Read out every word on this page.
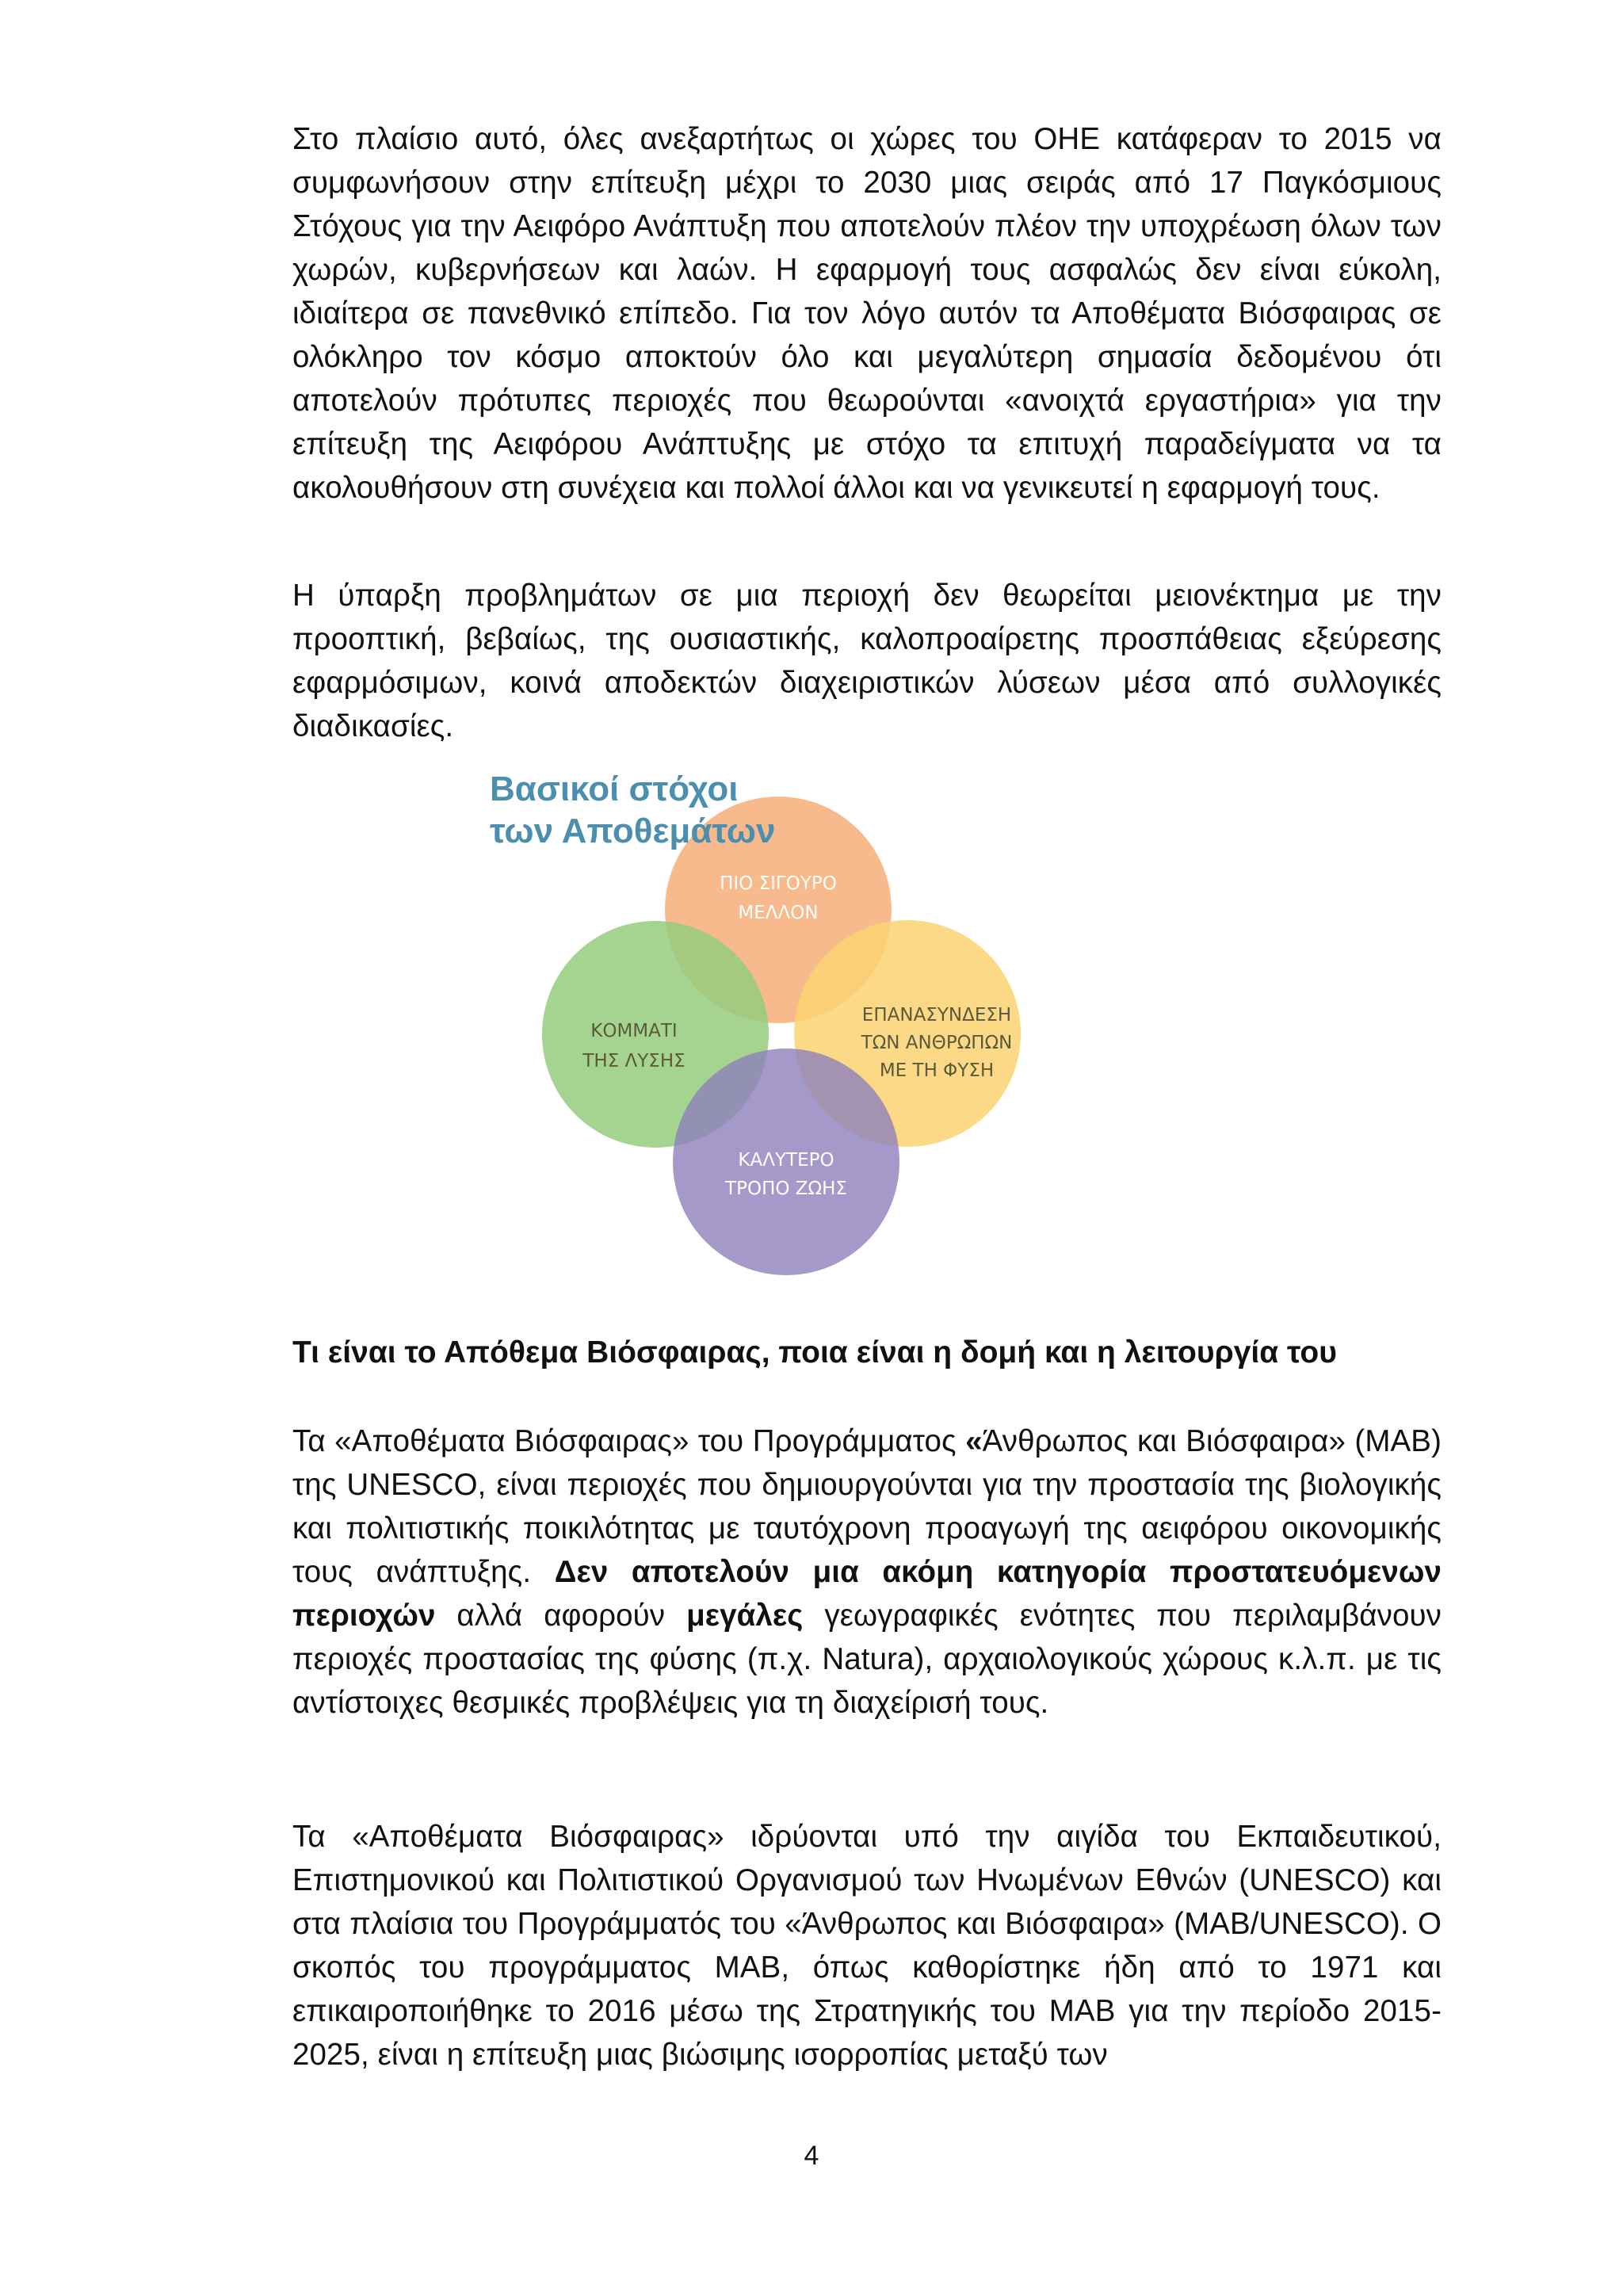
Στο πλαίσιο αυτό, όλες ανεξαρτήτως οι χώρες του ΟΗΕ κατάφεραν το 2015 να συμφωνήσουν στην επίτευξη μέχρι το 2030 μιας σειράς από 17 Παγκόσμιους Στόχους για την Αειφόρο Ανάπτυξη που αποτελούν πλέον την υποχρέωση όλων των χωρών, κυβερνήσεων και λαών. Η εφαρμογή τους ασφαλώς δεν είναι εύκολη, ιδιαίτερα σε πανεθνικό επίπεδο. Για τον λόγο αυτόν τα Αποθέματα Βιόσφαιρας σε ολόκληρο τον κόσμο αποκτούν όλο και μεγαλύτερη σημασία δεδομένου ότι αποτελούν πρότυπες περιοχές που θεωρούνται «ανοιχτά εργαστήρια» για την επίτευξη της Αειφόρου Ανάπτυξης με στόχο τα επιτυχή παραδείγματα να τα ακολουθήσουν στη συνέχεια και πολλοί άλλοι και να γενικευτεί η εφαρμογή τους.

Η ύπαρξη προβλημάτων σε μια περιοχή δεν θεωρείται μειονέκτημα με την προοπτική, βεβαίως, της ουσιαστικής, καλοπροαίρετης προσπάθειας εξεύρεσης εφαρμόσιμων, κοινά αποδεκτών διαχειριστικών λύσεων μέσα από συλλογικές διαδικασίες.

Βασικοί στόχοι
των Αποθεμάτων
ΠΙΟ ΣΙΓΟΥΡΟ
ΜΕΛΛΟΝ
ΚΑΛΥΤΕΡΟ
ΤΡΟΠΟ ΖΩΗΣ
ΕΠΑΝΑΣΥΝΔΕΣΗ
ΤΩΝ ΑΝΘΡΩΠΩΝ
ΜΕ ΤΗ ΦΥΣΗ
ΚΟΜΜΑΤΙ
ΤΗΣ ΛΥΣΗΣ
Τι είναι το Απόθεμα Βιόσφαιρας, ποια είναι η δομή και η λειτουργία του

Τα «Αποθέματα Βιόσφαιρας» του Προγράμματος «Άνθρωπος και Βιόσφαιρα» (MAB) της UNESCO, είναι περιοχές που δημιουργούνται για την προστασία της βιολογικής και πολιτιστικής ποικιλότητας με ταυτόχρονη προαγωγή της αειφόρου οικονομικής τους ανάπτυξης. Δεν αποτελούν μια ακόμη κατηγορία προστατευόμενων περιοχών αλλά αφορούν μεγάλες γεωγραφικές ενότητες που περιλαμβάνουν περιοχές προστασίας της φύσης (π.χ. Natura), αρχαιολογικούς χώρους κ.λ.π. με τις αντίστοιχες θεσμικές προβλέψεις για τη διαχείρισή τους.

Τα «Αποθέματα Βιόσφαιρας» ιδρύονται υπό την αιγίδα του Εκπαιδευτικού, Επιστημονικού και Πολιτιστικού Οργανισμού των Ηνωμένων Εθνών (UNESCO) και στα πλαίσια του Προγράμματός του «Άνθρωπος και Βιόσφαιρα» (MAB/UNESCO). Ο σκοπός του προγράμματος MAB, όπως καθορίστηκε ήδη από το 1971 και επικαιροποιήθηκε το 2016 μέσω της Στρατηγικής του MAB για την περίοδο 2015-2025, είναι η επίτευξη μιας βιώσιμης ισορροπίας μεταξύ των

4
